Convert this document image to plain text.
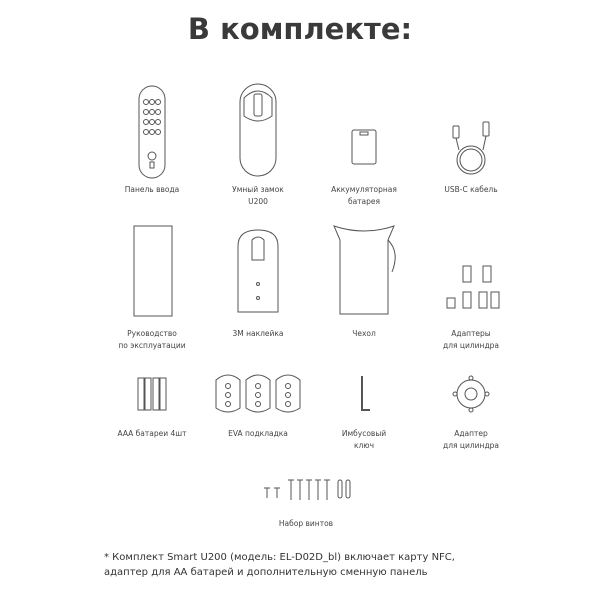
В комплекте:
Панель ввода	Умный замок
U200
Аккумуляторная
батарея
USB-C кабель
Руководство
по эксплуатации
3M наклейка	Чехол	Адаптеры
для цилиндра
AAA батареи 4шт	EVA подкладка	Имбусовый
ключ
Адаптер
для цилиндра
Набор винтов
* Комплект Smart U200 (модель: EL-D02D_bl) включает карту NFC,
адаптер для АА батарей и дополнительную сменную панель
